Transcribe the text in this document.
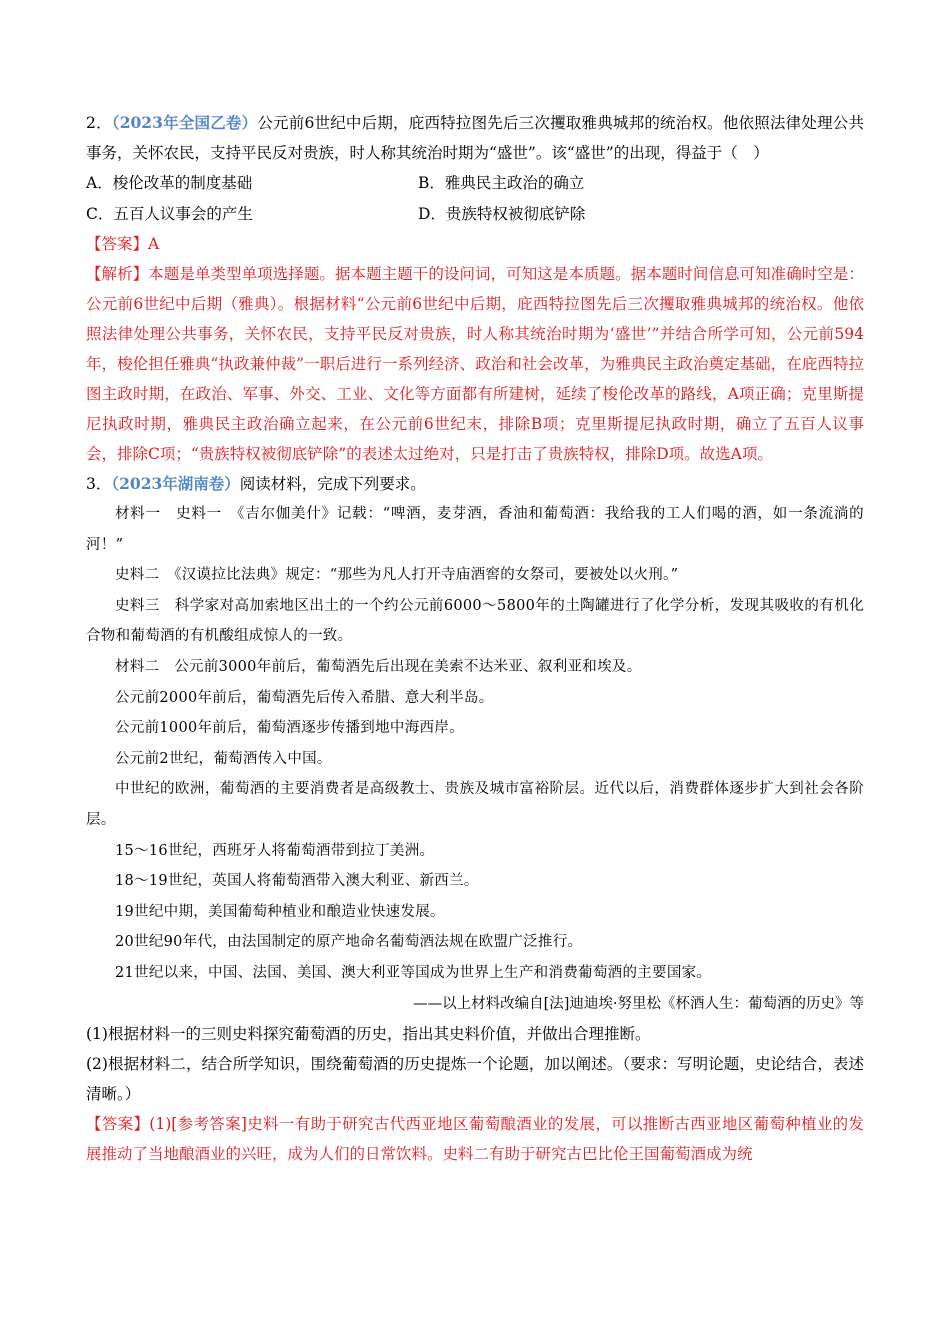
2．（2023年全国乙卷）公元前6世纪中后期，庇西特拉图先后三次攫取雅典城邦的统治权。他依照法律处理公共事务，关怀农民，支持平民反对贵族，时人称其统治时期为“盛世”。该“盛世”的出现，得益于（　）

A．梭伦改革的制度基础	B．雅典民主政治的确立
C．五百人议事会的产生	D．贵族特权被彻底铲除

【答案】A

【解析】本题是单类型单项选择题。据本题主题干的设问词，可知这是本质题。据本题时间信息可知准确时空是：公元前6世纪中后期（雅典）。根据材料“公元前6世纪中后期，庇西特拉图先后三次攫取雅典城邦的统治权。他依照法律处理公共事务，关怀农民，支持平民反对贵族，时人称其统治时期为‘盛世’”并结合所学可知，公元前594年，梭伦担任雅典“执政兼仲裁”一职后进行一系列经济、政治和社会改革，为雅典民主政治奠定基础，在庇西特拉图主政时期，在政治、军事、外交、工业、文化等方面都有所建树，延续了梭伦改革的路线，A项正确；克里斯提尼执政时期，雅典民主政治确立起来，在公元前6世纪末，排除B项；克里斯提尼执政时期，确立了五百人议事会，排除C项；“贵族特权被彻底铲除”的表述太过绝对，只是打击了贵族特权，排除D项。故选A项。

3．（2023年湖南卷）阅读材料，完成下列要求。

材料一　史料一　《吉尔伽美什》记载：“啤酒，麦芽酒，香油和葡萄酒：我给我的工人们喝的酒，如一条流淌的河！”

史料二　《汉谟拉比法典》规定：“那些为凡人打开寺庙酒窖的女祭司，要被处以火刑。”

史料三　科学家对高加索地区出土的一个约公元前6000～5800年的土陶罐进行了化学分析，发现其吸收的有机化合物和葡萄酒的有机酸组成惊人的一致。

材料二　公元前3000年前后，葡萄酒先后出现在美索不达米亚、叙利亚和埃及。

公元前2000年前后，葡萄酒先后传入希腊、意大利半岛。

公元前1000年前后，葡萄酒逐步传播到地中海西岸。

公元前2世纪，葡萄酒传入中国。

中世纪的欧洲，葡萄酒的主要消费者是高级教士、贵族及城市富裕阶层。近代以后，消费群体逐步扩大到社会各阶层。

15～16世纪，西班牙人将葡萄酒带到拉丁美洲。

18～19世纪，英国人将葡萄酒带入澳大利亚、新西兰。

19世纪中期，美国葡萄种植业和酿造业快速发展。

20世纪90年代，由法国制定的原产地命名葡萄酒法规在欧盟广泛推行。

21世纪以来，中国、法国、美国、澳大利亚等国成为世界上生产和消费葡萄酒的主要国家。

——以上材料改编自[法]迪迪埃·努里松《杯酒人生：葡萄酒的历史》等

(1)根据材料一的三则史料探究葡萄酒的历史，指出其史料价值，并做出合理推断。

(2)根据材料二，结合所学知识，围绕葡萄酒的历史提炼一个论题，加以阐述。（要求：写明论题，史论结合，表述清晰。）

【答案】(1)[参考答案]史料一有助于研究古代西亚地区葡萄酿酒业的发展，可以推断古西亚地区葡萄种植业的发展推动了当地酿酒业的兴旺，成为人们的日常饮料。史料二有助于研究古巴比伦王国葡萄酒成为统
